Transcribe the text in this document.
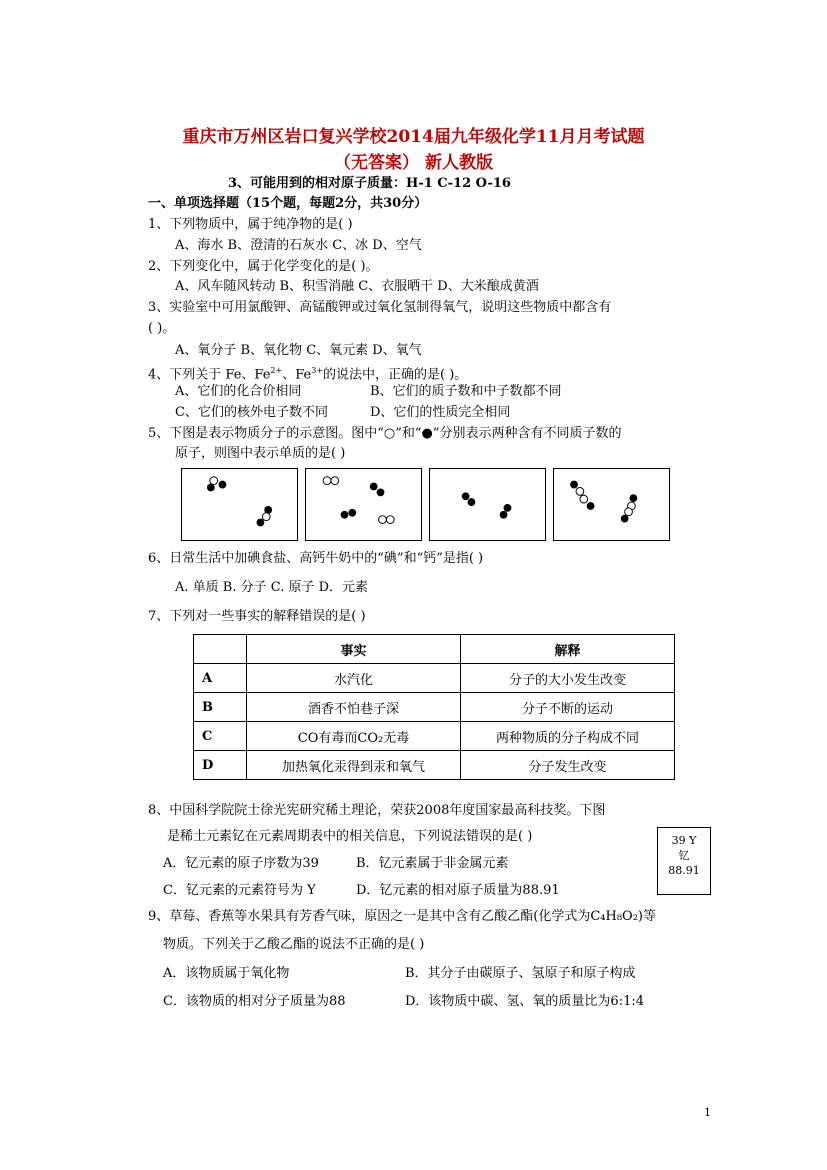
重庆市万州区岩口复兴学校2014届九年级化学11月月考试题
（无答案） 新人教版
3、可能用到的相对原子质量：H-1 C-12 O-16
一、单项选择题（15个题，每题2分，共30分）
1、下列物质中，属于纯净物的是( )
A、海水 B、澄清的石灰水 C、冰 D、空气
2、下列变化中，属于化学变化的是( )。
A、风车随风转动 B、积雪消融 C、衣服晒干 D、大米酿成黄酒
3、实验室中可用氯酸钾、高锰酸钾或过氧化氢制得氧气，说明这些物质中都含有
( )。
A、氧分子 B、氧化物 C、氧元素 D、氧气
4、下列关于 Fe、$Fe^{2+}$、$Fe^{3+}$的说法中，正确的是( )。
A、它们的化合价相同	B、它们的质子数和中子数都不同
C、它们的核外电子数不同	D、它们的性质完全相同
5、下图是表示物质分子的示意图。图中“○”和“●”分别表示两种含有不同质子数的
原子，则图中表示单质的是( )
6、日常生活中加碘食盐、高钙牛奶中的“碘”和“钙”是指( )
A. 单质 B. 分子 C. 原子 D．元素
7、下列对一些事实的解释错误的是( )
	事实	解释
A	水汽化	分子的大小发生改变
B	酒香不怕巷子深	分子不断的运动
C	CO有毒而CO₂无毒	两种物质的分子构成不同
D	加热氧化汞得到汞和氧气	分子发生改变
8、中国科学院院士徐光宪研究稀土理论，荣获2008年度国家最高科技奖。下图
是稀土元素钇在元素周期表中的相关信息，下列说法错误的是( )
A．钇元素的原子序数为39	B．钇元素属于非金属元素
C．钇元素的元素符号为 Y	D．钇元素的相对原子质量为88.91
39 Y
钇
88.91
9、草莓、香蕉等水果具有芳香气味，原因之一是其中含有乙酸乙酯(化学式为C₄H₈O₂)等
物质。下列关于乙酸乙酯的说法不正确的是( )
A．该物质属于氧化物	B．其分子由碳原子、氢原子和原子构成
C．该物质的相对分子质量为88	D．该物质中碳、氢、氧的质量比为6:1:4
1
